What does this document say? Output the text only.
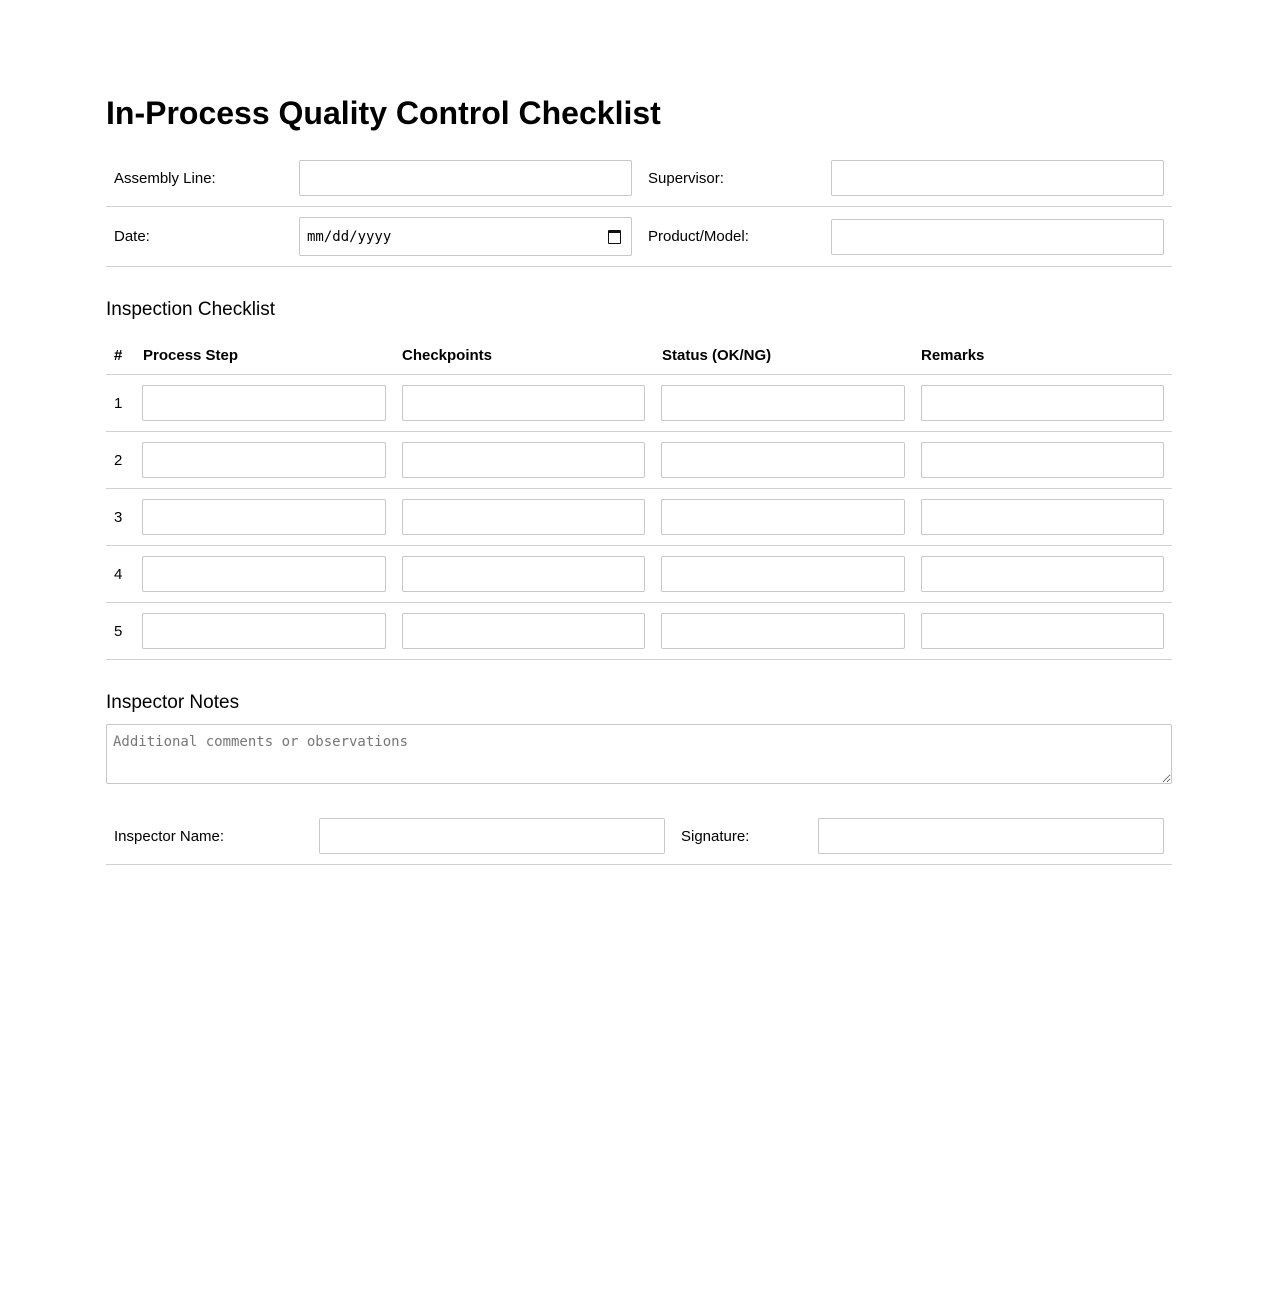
In-Process Quality Control Checklist
Assembly Line:	Supervisor:
Date:	mm/dd/yyyy	Product/Model:
Inspection Checklist
# Process Step	Checkpoints	Status (OK/NG)	Remarks
1
2
3
4
5
Inspector Notes
Additional comments or observations
Inspector Name:	Signature:
